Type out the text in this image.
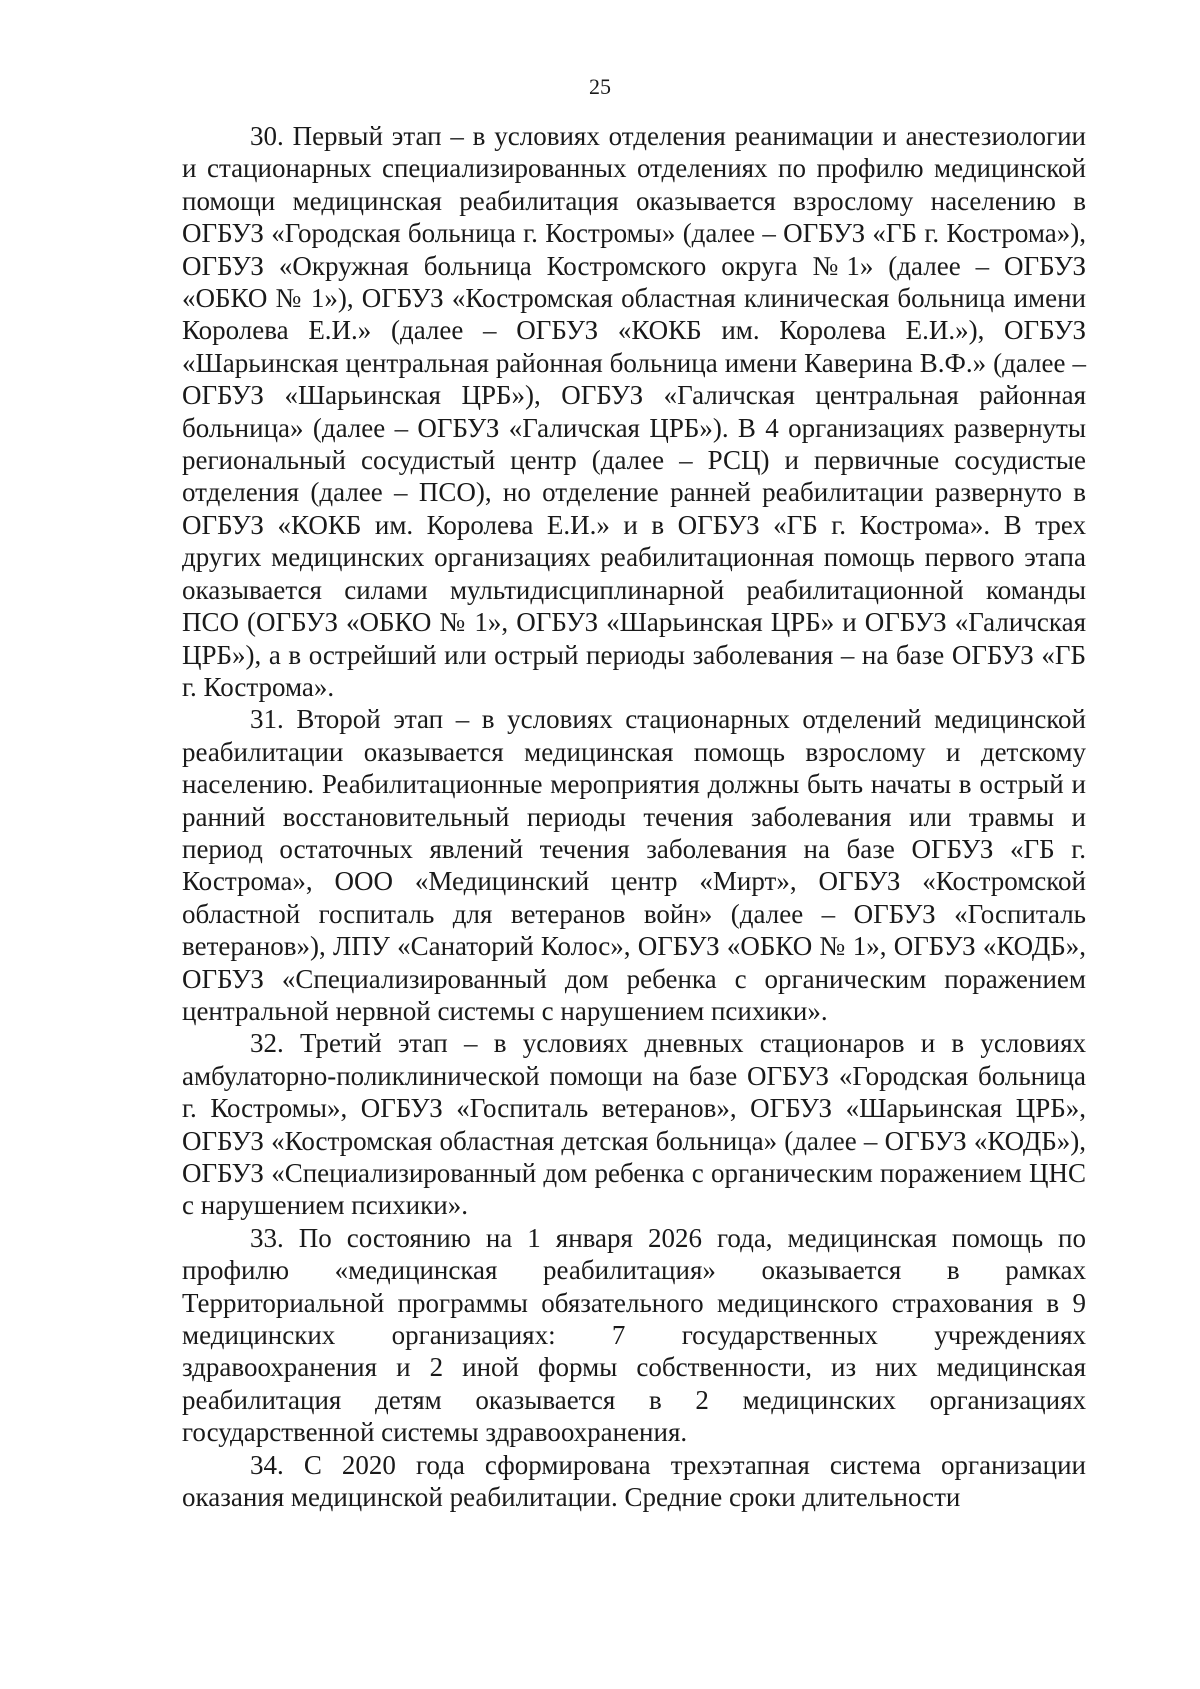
25

30. Первый этап – в условиях отделения реанимации и анестезиологии и стационарных специализированных отделениях по профилю медицинской помощи медицинская реабилитация оказывается взрослому населению в ОГБУЗ «Городская больница г. Костромы» (далее – ОГБУЗ «ГБ г. Кострома»), ОГБУЗ «Окружная больница Костромского округа №1» (далее – ОГБУЗ «ОБКО № 1»), ОГБУЗ «Костромская областная клиническая больница имени Королева Е.И.» (далее – ОГБУЗ «КОКБ им. Королева Е.И.»), ОГБУЗ «Шарьинская центральная районная больница имени Каверина В.Ф.» (далее – ОГБУЗ «Шарьинская ЦРБ»), ОГБУЗ «Галичская центральная районная больница» (далее – ОГБУЗ «Галичская ЦРБ»). В 4 организациях развернуты региональный сосудистый центр (далее – РСЦ) и первичные сосудистые отделения (далее – ПСО), но отделение ранней реабилитации развернуто в ОГБУЗ «КОКБ им. Королева Е.И.» и в ОГБУЗ «ГБ г. Кострома». В трех других медицинских организациях реабилитационная помощь первого этапа оказывается силами мультидисциплинарной реабилитационной команды ПСО (ОГБУЗ «ОБКО № 1», ОГБУЗ «Шарьинская ЦРБ» и ОГБУЗ «Галичская ЦРБ»), а в острейший или острый периоды заболевания – на базе ОГБУЗ «ГБ г. Кострома».

31. Второй этап – в условиях стационарных отделений медицинской реабилитации оказывается медицинская помощь взрослому и детскому населению. Реабилитационные мероприятия должны быть начаты в острый и ранний восстановительный периоды течения заболевания или травмы и период остаточных явлений течения заболевания на базе ОГБУЗ «ГБ г. Кострома», ООО «Медицинский центр «Мирт», ОГБУЗ «Костромской областной госпиталь для ветеранов войн» (далее – ОГБУЗ «Госпиталь ветеранов»), ЛПУ «Санаторий Колос», ОГБУЗ «ОБКО № 1», ОГБУЗ «КОДБ», ОГБУЗ «Специализированный дом ребенка с органическим поражением центральной нервной системы с нарушением психики».

32. Третий этап – в условиях дневных стационаров и в условиях амбулаторно-поликлинической помощи на базе ОГБУЗ «Городская больница г. Костромы», ОГБУЗ «Госпиталь ветеранов», ОГБУЗ «Шарьинская ЦРБ», ОГБУЗ «Костромская областная детская больница» (далее – ОГБУЗ «КОДБ»), ОГБУЗ «Специализированный дом ребенка с органическим поражением ЦНС с нарушением психики».

33. По состоянию на 1 января 2026 года, медицинская помощь по профилю «медицинская реабилитация» оказывается в рамках Территориальной программы обязательного медицинского страхования в 9 медицинских организациях: 7 государственных учреждениях здравоохранения и 2 иной формы собственности, из них медицинская реабилитация детям оказывается в 2 медицинских организациях государственной системы здравоохранения.

34. С 2020 года сформирована трехэтапная система организации оказания медицинской реабилитации. Средние сроки длительности
